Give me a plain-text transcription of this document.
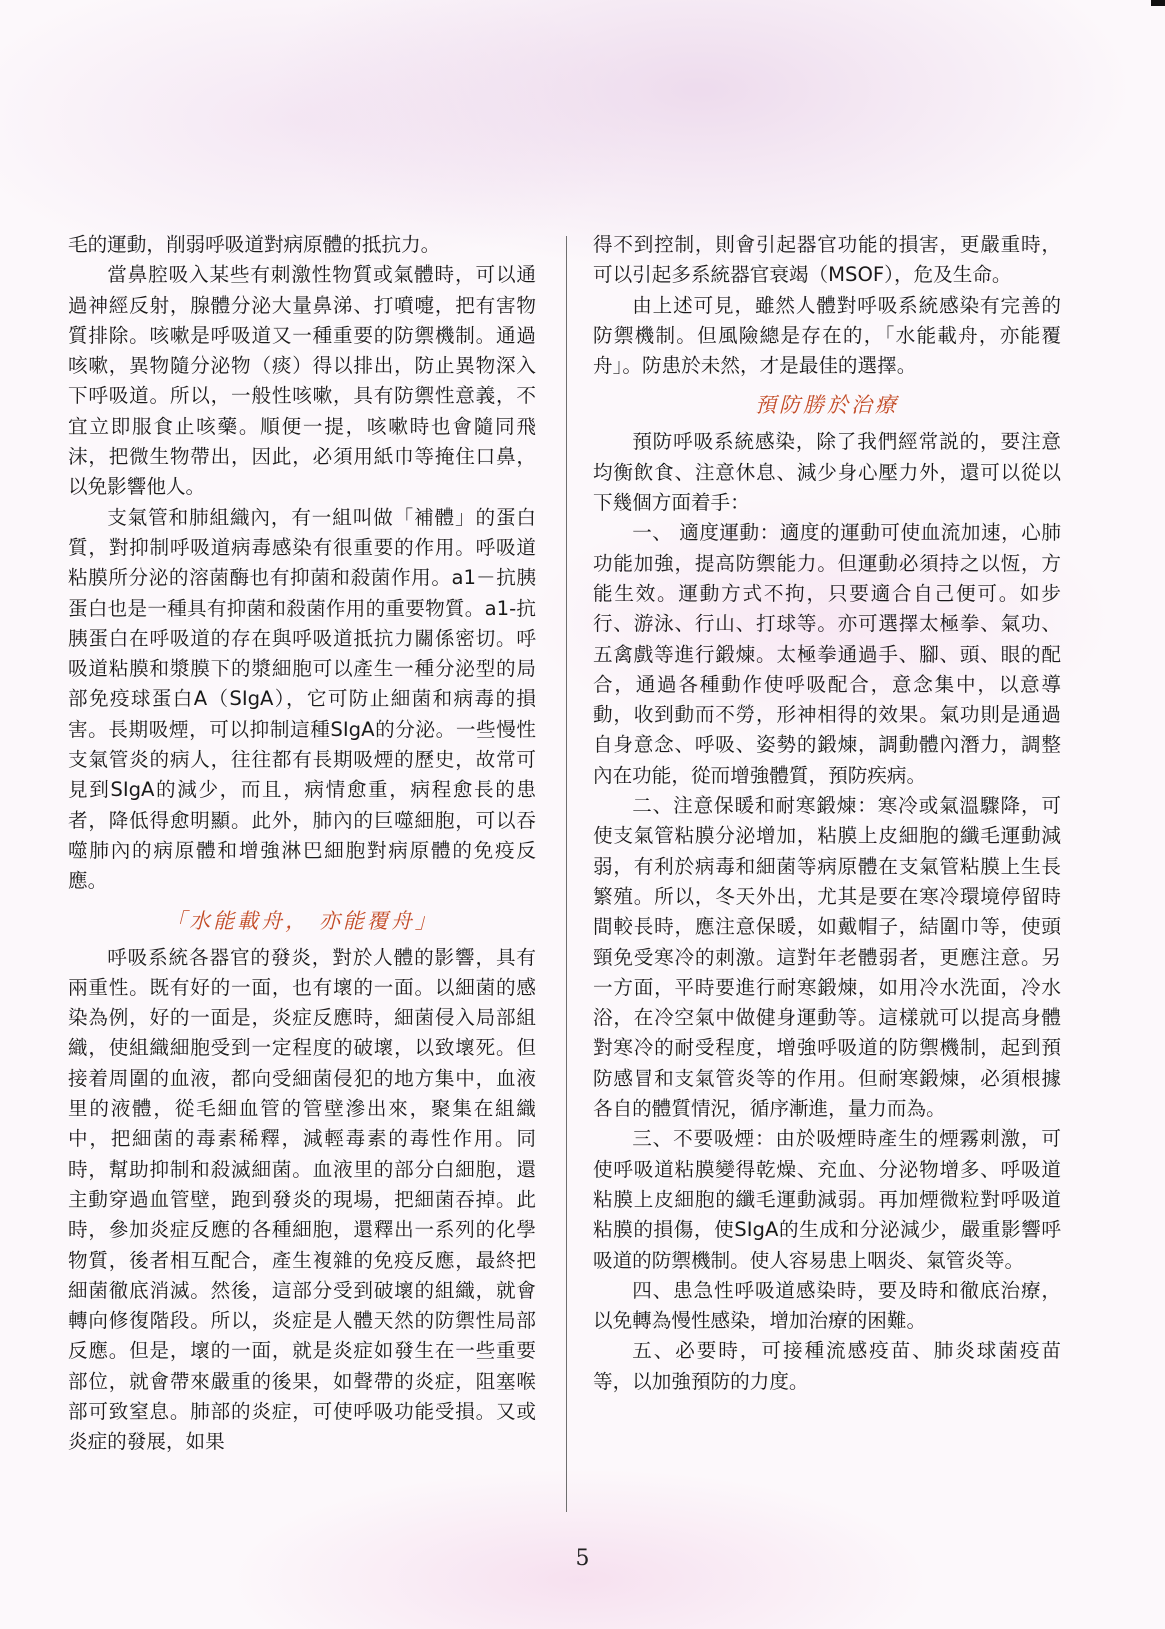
毛的運動，削弱呼吸道對病原體的抵抗力。

當鼻腔吸入某些有刺激性物質或氣體時，可以通過神經反射，腺體分泌大量鼻涕、打噴嚏，把有害物質排除。咳嗽是呼吸道又一種重要的防禦機制。通過咳嗽，異物隨分泌物（痰）得以排出，防止異物深入下呼吸道。所以，一般性咳嗽，具有防禦性意義，不宜立即服食止咳藥。順便一提，咳嗽時也會隨同飛沫，把微生物帶出，因此，必須用紙巾等掩住口鼻，以免影響他人。

支氣管和肺組織內，有一組叫做「補體」的蛋白質，對抑制呼吸道病毒感染有很重要的作用。呼吸道粘膜所分泌的溶菌酶也有抑菌和殺菌作用。a1－抗胰蛋白也是一種具有抑菌和殺菌作用的重要物質。a1-抗胰蛋白在呼吸道的存在與呼吸道抵抗力關係密切。呼吸道粘膜和漿膜下的漿細胞可以產生一種分泌型的局部免疫球蛋白A（SIgA），它可防止細菌和病毒的損害。長期吸煙，可以抑制這種SIgA的分泌。一些慢性支氣管炎的病人，往往都有長期吸煙的歷史，故常可見到SIgA的減少，而且，病情愈重，病程愈長的患者，降低得愈明顯。此外，肺內的巨噬細胞，可以吞噬肺內的病原體和增強淋巴細胞對病原體的免疫反應。

「水能載舟， 亦能覆舟」

呼吸系統各器官的發炎，對於人體的影響，具有兩重性。既有好的一面，也有壞的一面。以細菌的感染為例，好的一面是，炎症反應時，細菌侵入局部組織，使組織細胞受到一定程度的破壞，以致壞死。但接着周圍的血液，都向受細菌侵犯的地方集中，血液里的液體，從毛細血管的管壁滲出來，聚集在組織中，把細菌的毒素稀釋，減輕毒素的毒性作用。同時，幫助抑制和殺滅細菌。血液里的部分白細胞，還主動穿過血管壁，跑到發炎的現場，把細菌吞掉。此時，參加炎症反應的各種細胞，還釋出一系列的化學物質，後者相互配合，產生複雜的免疫反應，最終把細菌徹底消滅。然後，這部分受到破壞的組織，就會轉向修復階段。所以，炎症是人體天然的防禦性局部反應。但是，壞的一面，就是炎症如發生在一些重要部位，就會帶來嚴重的後果，如聲帶的炎症，阻塞喉部可致窒息。肺部的炎症，可使呼吸功能受損。又或炎症的發展，如果

得不到控制，則會引起器官功能的損害，更嚴重時，可以引起多系統器官衰竭（MSOF），危及生命。

由上述可見，雖然人體對呼吸系統感染有完善的防禦機制。但風險總是存在的，「水能載舟，亦能覆舟」。防患於未然，才是最佳的選擇。

預防勝於治療

預防呼吸系統感染，除了我們經常説的，要注意均衡飲食、注意休息、減少身心壓力外，還可以從以下幾個方面着手：

一、 適度運動：適度的運動可使血流加速，心肺功能加強，提高防禦能力。但運動必須持之以恆，方能生效。運動方式不拘，只要適合自己便可。如步行、游泳、行山、打球等。亦可選擇太極拳、氣功、五禽戲等進行鍛煉。太極拳通過手、腳、頭、眼的配合，通過各種動作使呼吸配合，意念集中，以意導動，收到動而不勞，形神相得的效果。氣功則是通過自身意念、呼吸、姿勢的鍛煉，調動體內潛力，調整內在功能，從而增強體質，預防疾病。

二、注意保暖和耐寒鍛煉：寒冷或氣溫驟降，可使支氣管粘膜分泌增加，粘膜上皮細胞的纖毛運動減弱，有利於病毒和細菌等病原體在支氣管粘膜上生長繁殖。所以，冬天外出，尤其是要在寒冷環境停留時間較長時，應注意保暖，如戴帽子，結圍巾等，使頭頸免受寒冷的刺激。這對年老體弱者，更應注意。另一方面，平時要進行耐寒鍛煉，如用冷水洗面，冷水浴，在冷空氣中做健身運動等。這樣就可以提高身體對寒冷的耐受程度，增強呼吸道的防禦機制，起到預防感冒和支氣管炎等的作用。但耐寒鍛煉，必須根據各自的體質情況，循序漸進，量力而為。

三、不要吸煙：由於吸煙時產生的煙霧刺激，可使呼吸道粘膜變得乾燥、充血、分泌物增多、呼吸道粘膜上皮細胞的纖毛運動減弱。再加煙微粒對呼吸道粘膜的損傷，使SIgA的生成和分泌減少，嚴重影響呼吸道的防禦機制。使人容易患上咽炎、氣管炎等。

四、患急性呼吸道感染時，要及時和徹底治療，以免轉為慢性感染，增加治療的困難。

五、必要時，可接種流感疫苗、肺炎球菌疫苗等，以加強預防的力度。

5
